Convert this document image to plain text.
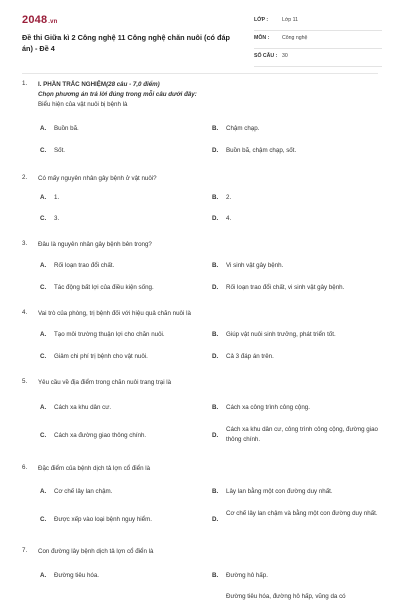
2048.vn
Đề thi Giữa kì 2 Công nghệ 11 Công nghệ chăn nuôi (có đáp án) - Đề 4
LỚP :	Lớp 11
MÔN : Công nghệ
SỐ CÂU : 30
1. I. PHẦN TRẮC NGHIỆM(28 câu - 7,0 điểm)
Chọn phương án trả lời đúng trong mỗi câu dưới đây:
Biểu hiện của vật nuôi bị bệnh là
A. Buồn bã.	B. Chậm chạp.
C. Sốt.	D. Buồn bã, chậm chạp, sốt.
2. Có mấy nguyên nhân gây bệnh ở vật nuôi?
A. 1.	B. 2.
C. 3.	D. 4.
3. Đâu là nguyên nhân gây bệnh bên trong?
A. Rối loạn trao đổi chất.	B. Vi sinh vật gây bệnh.
C. Tác động bất lợi của điều kiện sống.	D. Rối loạn trao đổi chất, vi sinh vật gây bệnh.
4. Vai trò của phòng, trị bệnh đối với hiệu quả chăn nuôi là
A. Tạo môi trường thuận lợi cho chăn nuôi.	B. Giúp vật nuôi sinh trưởng, phát triển tốt.
C. Giảm chi phí trị bệnh cho vật nuôi.	D. Cả 3 đáp án trên.
5. Yêu cầu về địa điểm trong chăn nuôi trang trại là
A. Cách xa khu dân cư.	B. Cách xa công trình công cộng.
C. Cách xa đường giao thông chính.	D.
Cách xa khu dân cư, công trình công cộng, đường giao thông chính.
6. Đặc điểm của bệnh dịch tả lợn cổ điển là
A. Cơ chế lây lan chậm.	B. Lây lan bằng một con đường duy nhất.
C. Được xếp vào loại bệnh nguy hiểm.	D.
Cơ chế lây lan chậm và bằng một con đường duy nhất.
7. Con đường lây bệnh dịch tả lợn cổ điển là
A. Đường tiêu hóa.	B. Đường hô hấp.
Đường tiêu hóa, đường hô hấp, vũng da có
